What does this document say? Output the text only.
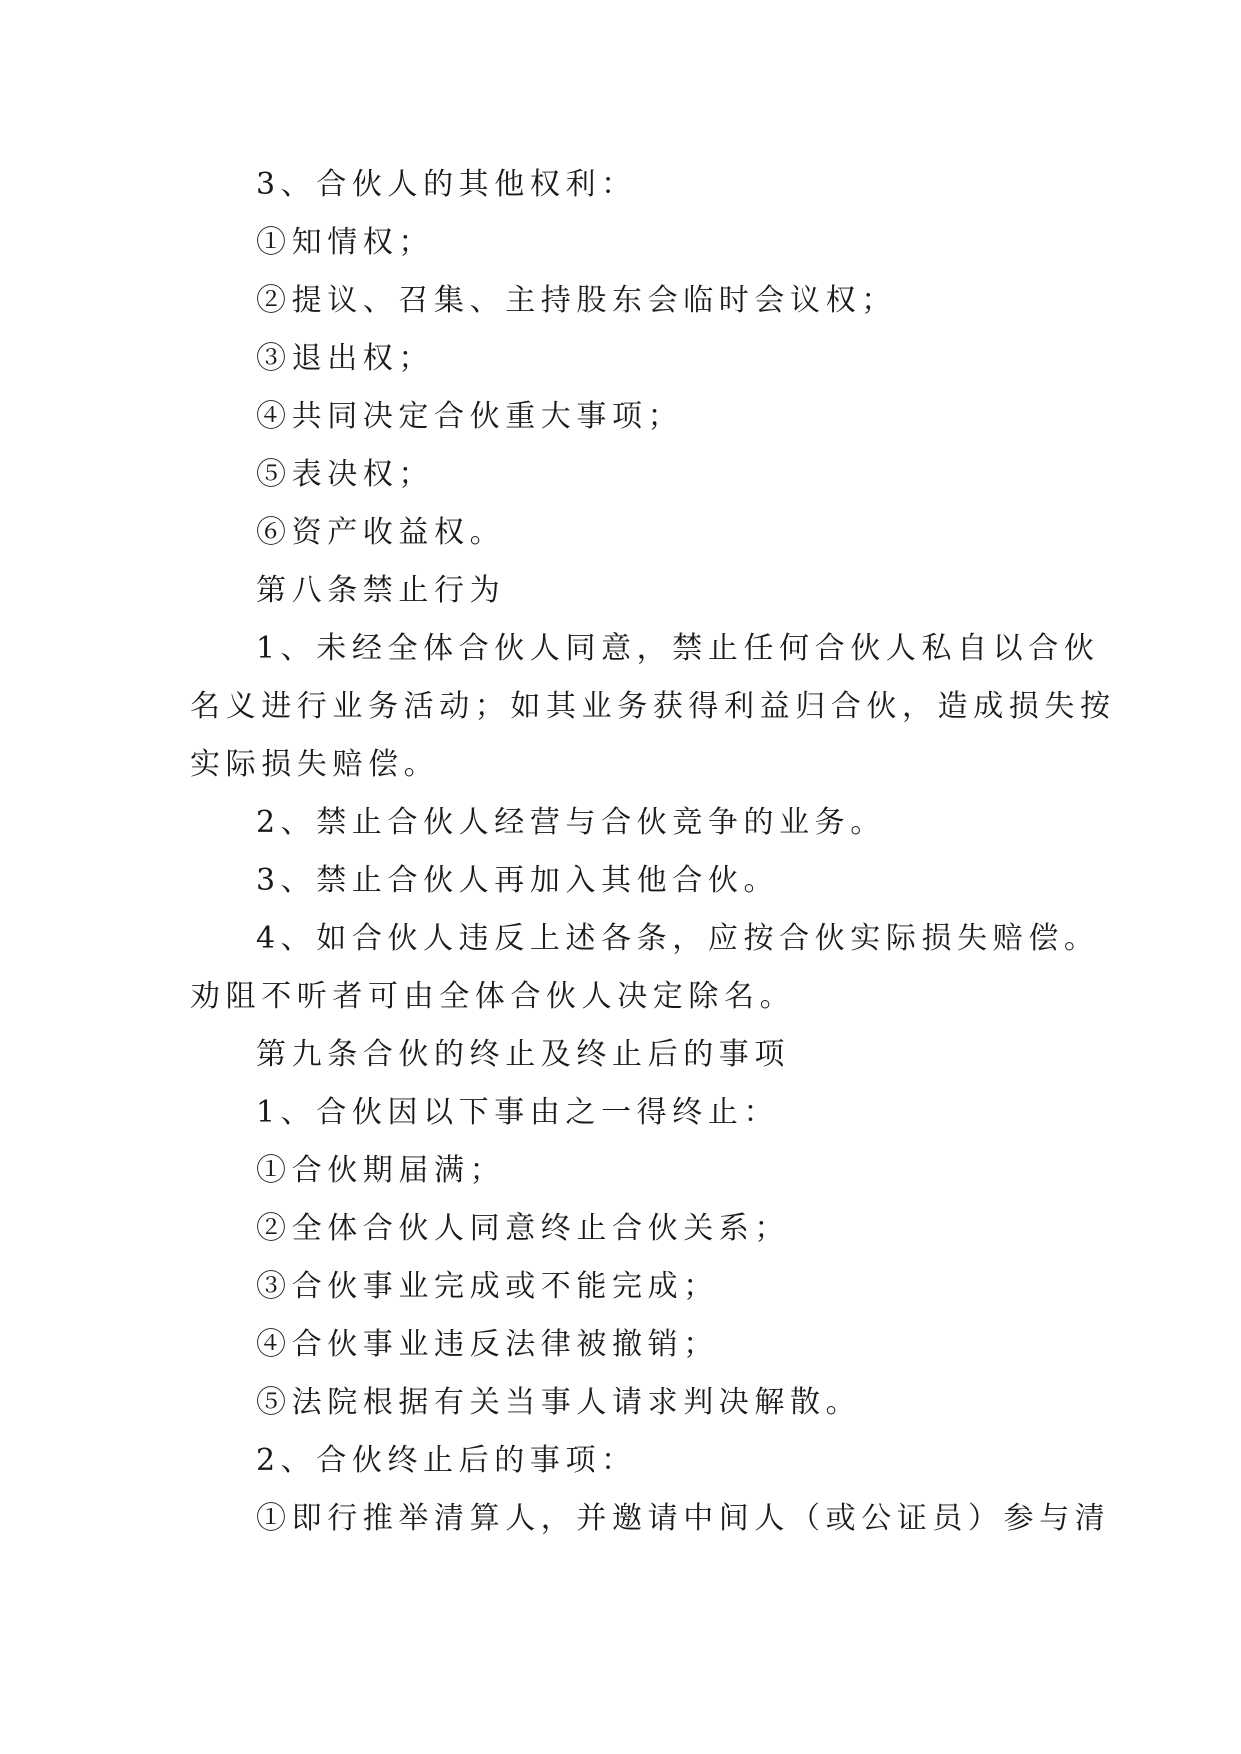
3、合伙人的其他权利：
①知情权；
②提议、召集、主持股东会临时会议权；
③退出权；
④共同决定合伙重大事项；
⑤表决权；
⑥资产收益权。
第八条禁止行为
1、未经全体合伙人同意，禁止任何合伙人私自以合伙
名义进行业务活动；如其业务获得利益归合伙，造成损失按
实际损失赔偿。
2、禁止合伙人经营与合伙竞争的业务。
3、禁止合伙人再加入其他合伙。
4、如合伙人违反上述各条，应按合伙实际损失赔偿。
劝阻不听者可由全体合伙人决定除名。
第九条合伙的终止及终止后的事项
1、合伙因以下事由之一得终止：
①合伙期届满；
②全体合伙人同意终止合伙关系；
③合伙事业完成或不能完成；
④合伙事业违反法律被撤销；
⑤法院根据有关当事人请求判决解散。
2、合伙终止后的事项：
①即行推举清算人，并邀请中间人（或公证员）参与清
